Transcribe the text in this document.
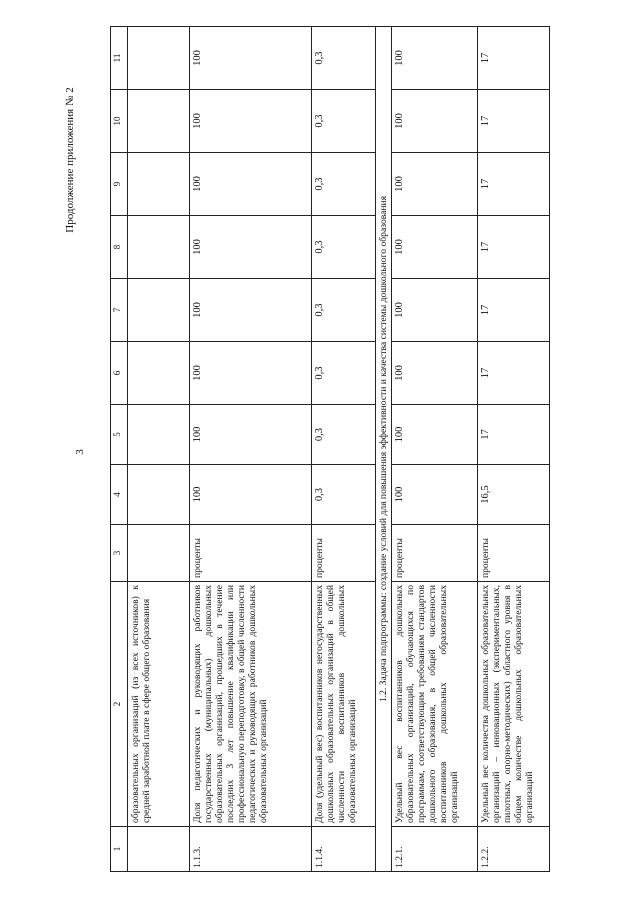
3
Продолжение приложения № 2
1	2	3	4	5	6	7	8	9	10	11
	образовательных организаций (из всех источников) к средней заработной плате в сфере общего образования									
1.1.3.	Доля педагогических и руководящих работников государственных (муниципальных) дошкольных образовательных организаций, прошедших в течение последних 3 лет повышение квалификации или профессиональную переподготовку, в общей численности педагогических и руководящих работников дошкольных образовательных организаций	проценты	100	100	100	100	100	100	100	100
1.1.4.	Доля (удельный вес) воспитанников негосударственных дошкольных образовательных организаций в общей численности воспитанников дошкольных образовательных организаций	проценты	0,3	0,3	0,3	0,3	0,3	0,3	0,3	0,3
1.2. Задача подпрограммы: создание условий для повышения эффективности и качества системы дошкольного образования										
1.2.1.	Удельный вес воспитанников дошкольных образовательных организаций, обучающихся по программам, соответствующим требованиям стандартов дошкольного образования, в общей численности воспитанников дошкольных образовательных организаций	проценты	100	100	100	100	100	100	100	100
1.2.2.	Удельный вес количества дошкольных образовательных организаций – инновационных (экспериментальных, пилотных, опорно-методических) областного уровня в общем количестве дошкольных образовательных организаций	проценты	16,5	17	17	17	17	17	17	17
